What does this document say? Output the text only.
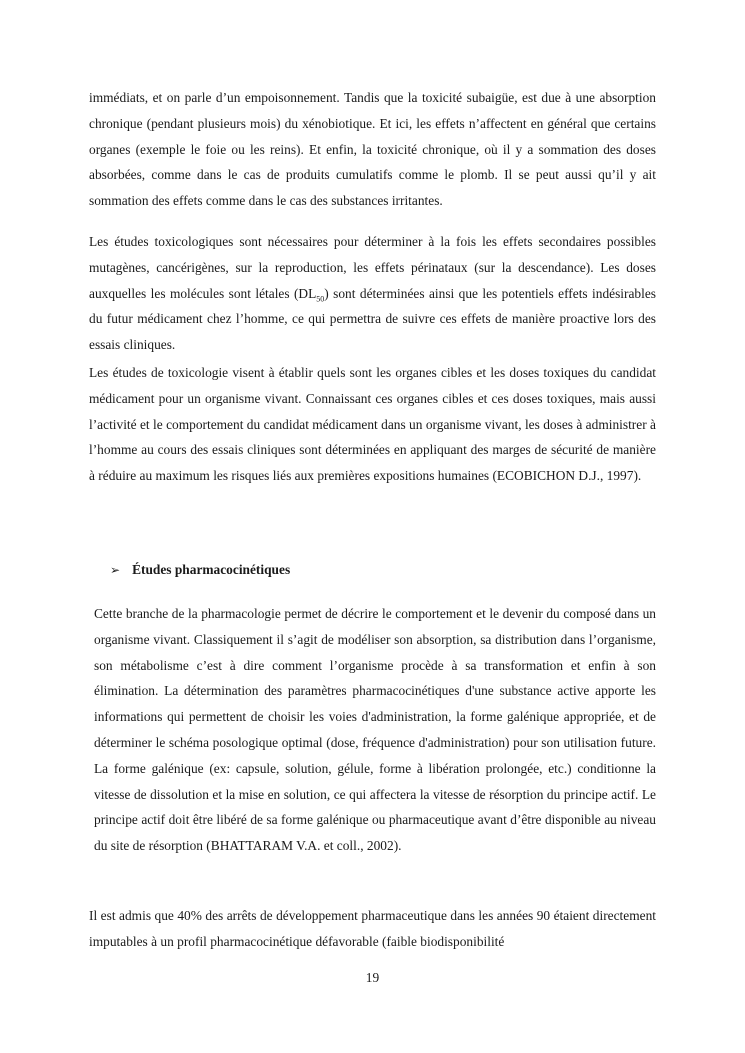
immédiats, et on parle d’un empoisonnement. Tandis que la toxicité subaigüe, est due à une absorption chronique (pendant plusieurs mois) du xénobiotique. Et ici, les effets n’affectent en général que certains organes (exemple le foie ou les reins). Et enfin, la toxicité chronique, où il y a sommation des doses absorbées, comme dans le cas de produits cumulatifs comme le plomb. Il se peut aussi qu’il y ait sommation des effets comme dans le cas des substances irritantes.

Les études toxicologiques sont nécessaires pour déterminer à la fois les effets secondaires possibles mutagènes, cancérigènes, sur la reproduction, les effets périnataux (sur la descendance). Les doses auxquelles les molécules sont létales $(DL_{50})$ sont déterminées ainsi que les potentiels effets indésirables du futur médicament chez l’homme, ce qui permettra de suivre ces effets de manière proactive lors des essais cliniques.

Les études de toxicologie visent à établir quels sont les organes cibles et les doses toxiques du candidat médicament pour un organisme vivant. Connaissant ces organes cibles et ces doses toxiques, mais aussi l’activité et le comportement du candidat médicament dans un organisme vivant, les doses à administrer à l’homme au cours des essais cliniques sont déterminées en appliquant des marges de sécurité de manière à réduire au maximum les risques liés aux premières expositions humaines (ECOBICHON D.J., 1997).

➢ Études pharmacocinétiques

Cette branche de la pharmacologie permet de décrire le comportement et le devenir du composé dans un organisme vivant. Classiquement il s’agit de modéliser son absorption, sa distribution dans l’organisme, son métabolisme c’est à dire comment l’organisme procède à sa transformation et enfin à son élimination. La détermination des paramètres pharmacocinétiques d'une substance active apporte les informations qui permettent de choisir les voies d'administration, la forme galénique appropriée, et de déterminer le schéma posologique optimal (dose, fréquence d'administration) pour son utilisation future. La forme galénique (ex: capsule, solution, gélule, forme à libération prolongée, etc.) conditionne la vitesse de dissolution et la mise en solution, ce qui affectera la vitesse de résorption du principe actif. Le principe actif doit être libéré de sa forme galénique ou pharmaceutique avant d’être disponible au niveau du site de résorption (BHATTARAM V.A. et coll., 2002).

Il est admis que 40% des arrêts de développement pharmaceutique dans les années 90 étaient directement imputables à un profil pharmacocinétique défavorable (faible biodisponibilité

19
